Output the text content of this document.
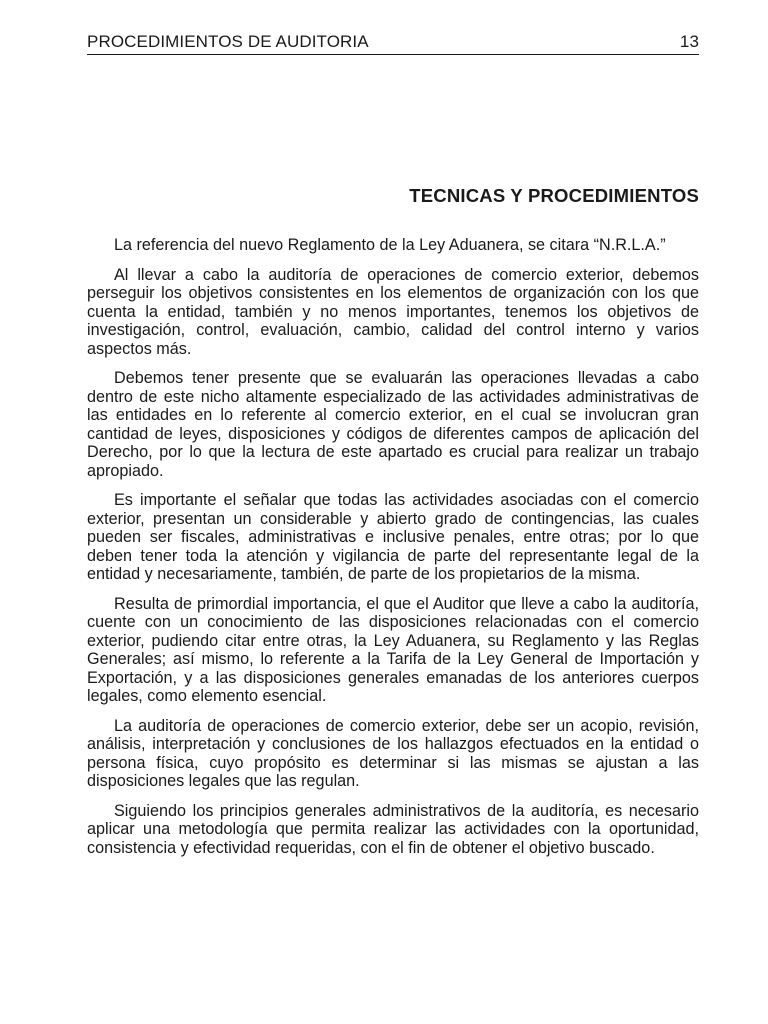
PROCEDIMIENTOS DE AUDITORIA	13
TECNICAS Y PROCEDIMIENTOS

La referencia del nuevo Reglamento de la Ley Aduanera, se citara “N.R.L.A.”

Al llevar a cabo la auditoría de operaciones de comercio exterior, debemos perseguir los objetivos consistentes en los elementos de organización con los que cuenta la entidad, también y no menos importantes, tenemos los objetivos de investigación, control, evaluación, cambio, calidad del control interno y varios aspectos más.

Debemos tener presente que se evaluarán las operaciones llevadas a cabo dentro de este nicho altamente especializado de las actividades administrativas de las entidades en lo referente al comercio exterior, en el cual se involucran gran cantidad de leyes, disposiciones y códigos de diferentes campos de aplicación del Derecho, por lo que la lectura de este apartado es crucial para realizar un trabajo apropiado.

Es importante el señalar que todas las actividades asociadas con el comercio exterior, presentan un considerable y abierto grado de contingencias, las cuales pueden ser fiscales, administrativas e inclusive penales, entre otras; por lo que deben tener toda la atención y vigilancia de parte del representante legal de la entidad y necesariamente, también, de parte de los propietarios de la misma.

Resulta de primordial importancia, el que el Auditor que lleve a cabo la auditoría, cuente con un conocimiento de las disposiciones relacionadas con el comercio exterior, pudiendo citar entre otras, la Ley Aduanera, su Reglamento y las Reglas Generales; así mismo, lo referente a la Tarifa de la Ley General de Importación y Exportación, y a las disposiciones generales emanadas de los anteriores cuerpos legales, como elemento esencial.

La auditoría de operaciones de comercio exterior, debe ser un acopio, revisión, análisis, interpretación y conclusiones de los hallazgos efectuados en la entidad o persona física, cuyo propósito es determinar si las mismas se ajustan a las disposiciones legales que las regulan.

Siguiendo los principios generales administrativos de la auditoría, es necesario aplicar una metodología que permita realizar las actividades con la oportunidad, consistencia y efectividad requeridas, con el fin de obtener el objetivo buscado.
